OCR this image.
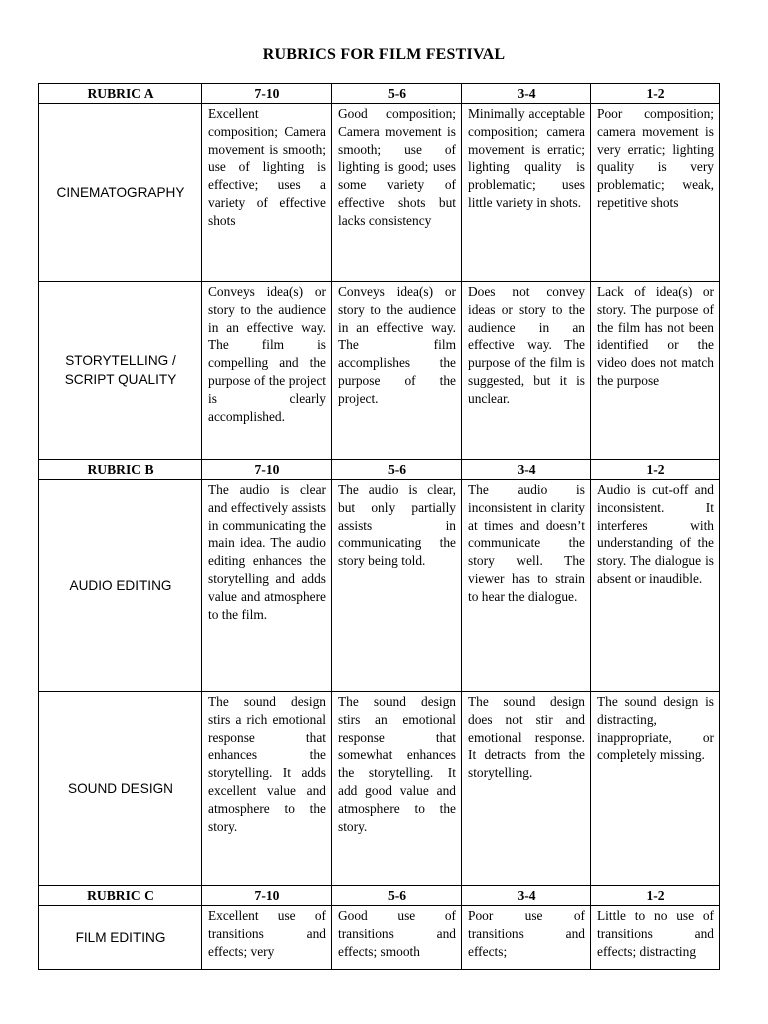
RUBRICS FOR FILM FESTIVAL
RUBRIC A	7-10	5-6	3-4	1-2
CINEMATOGRAPHY	Excellent composition; Camera movement is smooth; use of lighting is effective; uses a variety of effective shots	Good composition; Camera movement is smooth; use of lighting is good; uses some variety of effective shots but lacks consistency	Minimally acceptable composition; camera movement is erratic; lighting quality is problematic; uses little variety in shots.	Poor composition; camera movement is very erratic; lighting quality is very problematic; weak, repetitive shots
STORYTELLING / SCRIPT QUALITY	Conveys idea(s) or story to the audience in an effective way. The film is compelling and the purpose of the project is clearly accomplished.	Conveys idea(s) or story to the audience in an effective way. The film accomplishes the purpose of the project.	Does not convey ideas or story to the audience in an effective way. The purpose of the film is suggested, but it is unclear.	Lack of idea(s) or story. The purpose of the film has not been identified or the video does not match the purpose
RUBRIC B	7-10	5-6	3-4	1-2
AUDIO EDITING	The audio is clear and effectively assists in communicating the main idea. The audio editing enhances the storytelling and adds value and atmosphere to the film.	The audio is clear, but only partially assists in communicating the story being told.	The audio is inconsistent in clarity at times and doesn’t communicate the story well. The viewer has to strain to hear the dialogue.	Audio is cut-off and inconsistent. It interferes with understanding of the story. The dialogue is absent or inaudible.
SOUND DESIGN	The sound design stirs a rich emotional response that enhances the storytelling. It adds excellent value and atmosphere to the story.	The sound design stirs an emotional response that somewhat enhances the storytelling. It add good value and atmosphere to the story.	The sound design does not stir and emotional response. It detracts from the storytelling.	The sound design is distracting, inappropriate, or completely missing.
RUBRIC C	7-10	5-6	3-4	1-2
FILM EDITING	Excellent use of transitions and effects; very	Good use of transitions and effects; smooth	Poor use of transitions and effects;	Little to no use of transitions and effects; distracting
